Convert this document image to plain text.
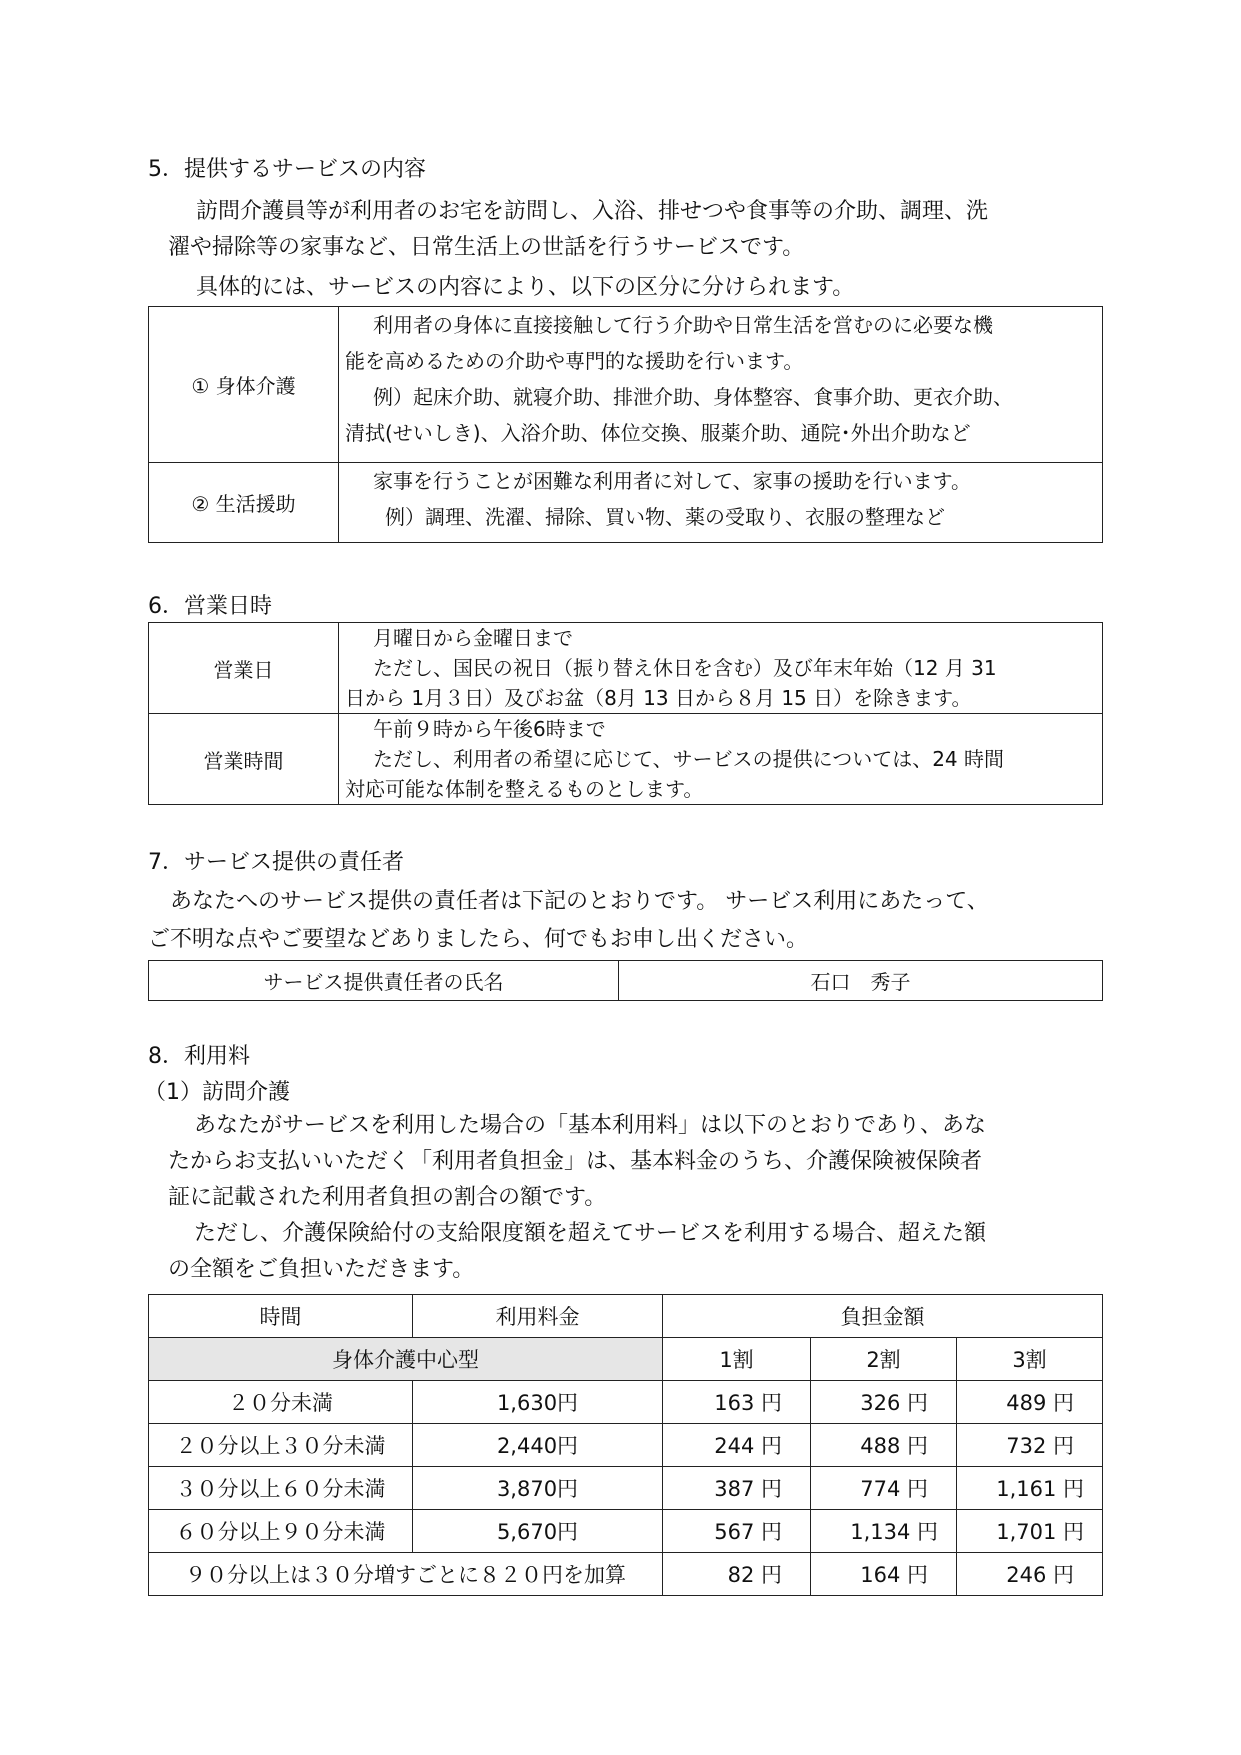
5．提供するサービスの内容
訪問介護員等が利用者のお宅を訪問し、入浴、排せつや食事等の介助、調理、洗
濯や掃除等の家事など、日常生活上の世話を行うサービスです。
具体的には、サービスの内容により、以下の区分に分けられます。
① 身体介護	利用者の身体に直接接触して行う介助や日常生活を営むのに必要な機
能を高めるための介助や専門的な援助を行います。
例）起床介助、就寝介助、排泄介助、身体整容、食事介助、更衣介助、
清拭(せいしき)、入浴介助、体位交換、服薬介助、通院･外出介助など

② 生活援助	家事を行うことが困難な利用者に対して、家事の援助を行います。
例）調理、洗濯、掃除、買い物、薬の受取り、衣服の整理など
6．営業日時
営業日	月曜日から金曜日まで
ただし、国民の祝日（振り替え休日を含む）及び年末年始（12 月 31
日から 1月３日）及びお盆（8月 13 日から８月 15 日）を除きます。

営業時間	午前９時から午後6時まで
ただし、利用者の希望に応じて、サービスの提供については、24 時間
対応可能な体制を整えるものとします。
7．サービス提供の責任者
あなたへのサービス提供の責任者は下記のとおりです。 サービス利用にあたって、
ご不明な点やご要望などありましたら、何でもお申し出ください。
サービス提供責任者の氏名	石口　秀子
8．利用料
（1）訪問介護
あなたがサービスを利用した場合の「基本利用料」は以下のとおりであり、あな
たからお支払いいただく「利用者負担金」は、基本料金のうち、介護保険被保険者
証に記載された利用者負担の割合の額です。
ただし、介護保険給付の支給限度額を超えてサービスを利用する場合、超えた額
の全額をご負担いただきます。
時間	利用料金	負担金額		
身体介護中心型		1割	2割	3割
２０分未満	1,630円	163 円	326 円	489 円
２０分以上３０分未満	2,440円	244 円	488 円	732 円
３０分以上６０分未満	3,870円	387 円	774 円	1,161 円
６０分以上９０分未満	5,670円	567 円	1,134 円	1,701 円
９０分以上は３０分増すごとに８２０円を加算		82 円	164 円	246 円
